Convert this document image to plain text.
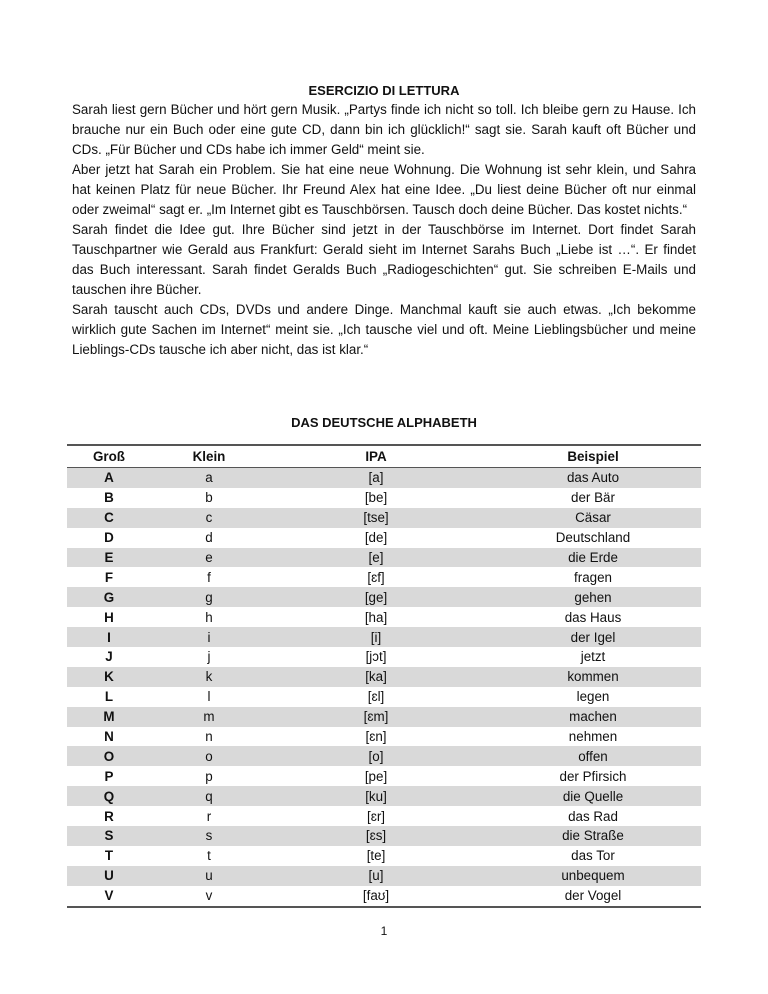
ESERCIZIO DI LETTURA

Sarah liest gern Bücher und hört gern Musik. „Partys finde ich nicht so toll. Ich bleibe gern zu Hause. Ich brauche nur ein Buch oder eine gute CD, dann bin ich glücklich!“ sagt sie. Sarah kauft oft Bücher und CDs. „Für Bücher und CDs habe ich immer Geld“ meint sie.

Aber jetzt hat Sarah ein Problem. Sie hat eine neue Wohnung. Die Wohnung ist sehr klein, und Sahra hat keinen Platz für neue Bücher. Ihr Freund Alex hat eine Idee. „Du liest deine Bücher oft nur einmal oder zweimal“ sagt er. „Im Internet gibt es Tauschbörsen. Tausch doch deine Bücher. Das kostet nichts.“

Sarah findet die Idee gut. Ihre Bücher sind jetzt in der Tauschbörse im Internet. Dort findet Sarah Tauschpartner wie Gerald aus Frankfurt: Gerald sieht im Internet Sarahs Buch „Liebe ist …“. Er findet das Buch interessant. Sarah findet Geralds Buch „Radiogeschichten“ gut. Sie schreiben E-Mails und tauschen ihre Bücher.

Sarah tauscht auch CDs, DVDs und andere Dinge. Manchmal kauft sie auch etwas. „Ich bekomme wirklich gute Sachen im Internet“ meint sie. „Ich tausche viel und oft. Meine Lieblingsbücher und meine Lieblings-CDs tausche ich aber nicht, das ist klar.“

DAS DEUTSCHE ALPHABETH
Groß	Klein	IPA	Beispiel
A	a	[a]	das Auto
B	b	[be]	der Bär
C	c	[tse]	Cäsar
D	d	[de]	Deutschland
E	e	[e]	die Erde
F	f	[ɛf]	fragen
G	g	[ge]	gehen
H	h	[ha]	das Haus
I	i	[i]	der Igel
J	j	[jɔt]	jetzt
K	k	[ka]	kommen
L	l	[ɛl]	legen
M	m	[ɛm]	machen
N	n	[ɛn]	nehmen
O	o	[o]	offen
P	p	[pe]	der Pfirsich
Q	q	[ku]	die Quelle
R	r	[ɛr]	das Rad
S	s	[ɛs]	die Straße
T	t	[te]	das Tor
U	u	[u]	unbequem
V	v	[faʊ]	der Vogel
1
